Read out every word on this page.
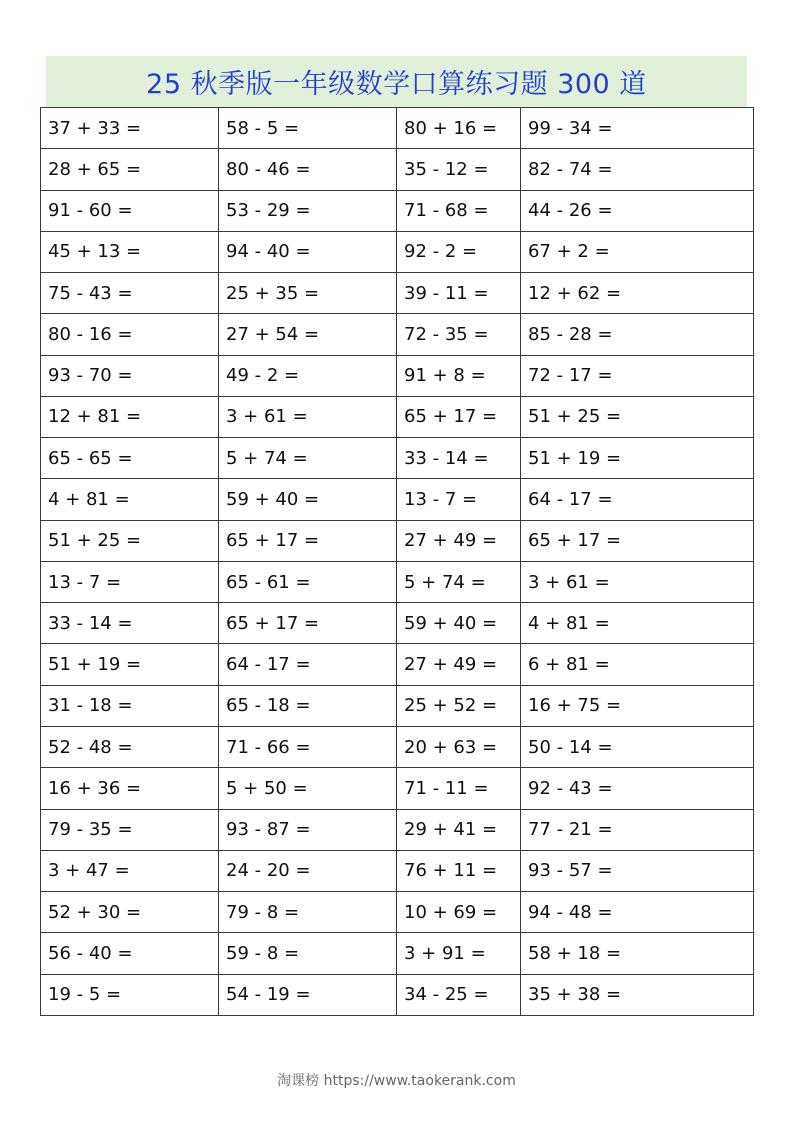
25 秋季版一年级数学口算练习题 300 道
37 + 33 =	58 - 5 =	80 + 16 =	99 - 34 =
28 + 65 =	80 - 46 =	35 - 12 =	82 - 74 =
91 - 60 =	53 - 29 =	71 - 68 =	44 - 26 =
45 + 13 =	94 - 40 =	92 - 2 =	67 + 2 =
75 - 43 =	25 + 35 =	39 - 11 =	12 + 62 =
80 - 16 =	27 + 54 =	72 - 35 =	85 - 28 =
93 - 70 =	49 - 2 =	91 + 8 =	72 - 17 =
12 + 81 =	3 + 61 =	65 + 17 =	51 + 25 =
65 - 65 =	5 + 74 =	33 - 14 =	51 + 19 =
4 + 81 =	59 + 40 =	13 - 7 =	64 - 17 =
51 + 25 =	65 + 17 =	27 + 49 =	65 + 17 =
13 - 7 =	65 - 61 =	5 + 74 =	3 + 61 =
33 - 14 =	65 + 17 =	59 + 40 =	4 + 81 =
51 + 19 =	64 - 17 =	27 + 49 =	6 + 81 =
31 - 18 =	65 - 18 =	25 + 52 =	16 + 75 =
52 - 48 =	71 - 66 =	20 + 63 =	50 - 14 =
16 + 36 =	5 + 50 =	71 - 11 =	92 - 43 =
79 - 35 =	93 - 87 =	29 + 41 =	77 - 21 =
3 + 47 =	24 - 20 =	76 + 11 =	93 - 57 =
52 + 30 =	79 - 8 =	10 + 69 =	94 - 48 =
56 - 40 =	59 - 8 =	3 + 91 =	58 + 18 =
19 - 5 =	54 - 19 =	34 - 25 =	35 + 38 =
淘课榜 https://www.taokerank.com
